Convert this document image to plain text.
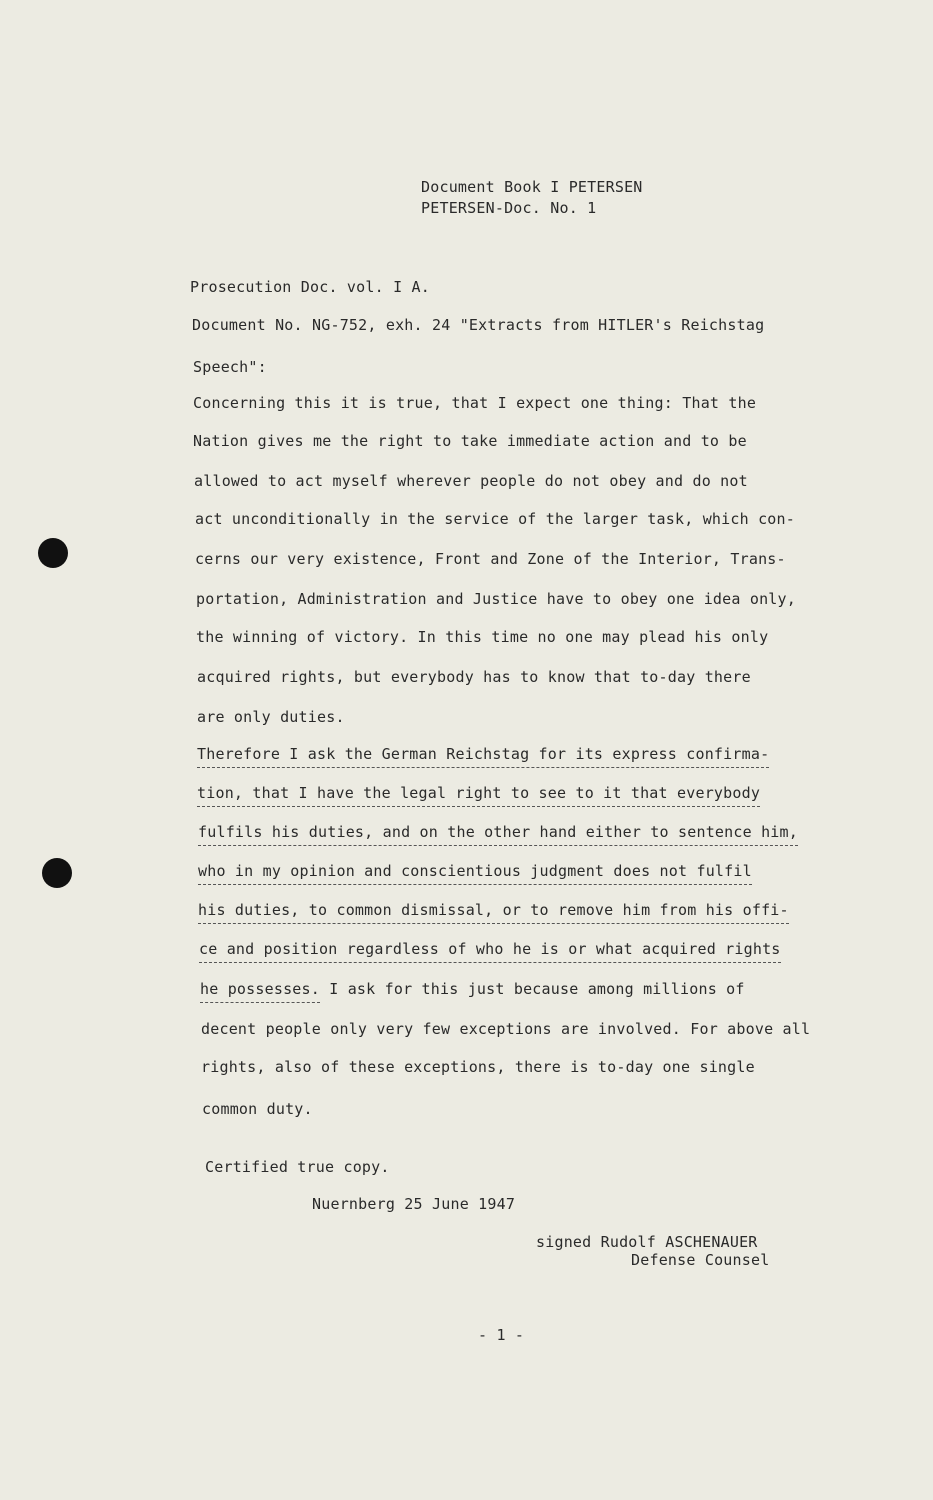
Document Book I PETERSEN
PETERSEN-Doc. No. 1
Prosecution Doc. vol. I A.
Document No. NG-752, exh. 24 "Extracts from HITLER's Reichstag
Speech":
Concerning this it is true, that I expect one thing: That the
Nation gives me the right to take immediate action and to be
allowed to act myself wherever people do not obey and do not
act unconditionally in the service of the larger task, which con-
cerns our very existence, Front and Zone of the Interior, Trans-
portation, Administration and Justice have to obey one idea only,
the winning of victory. In this time no one may plead his only
acquired rights, but everybody has to know that to-day there
are only duties.
Therefore I ask the German Reichstag for its express confirma-
tion, that I have the legal right to see to it that everybody
fulfils his duties, and on the other hand either to sentence him,
who in my opinion and conscientious judgment does not fulfil
his duties, to common dismissal, or to remove him from his offi-
ce and position regardless of who he is or what acquired rights
he possesses. I ask for this just because among millions of
decent people only very few exceptions are involved. For above all
rights, also of these exceptions, there is to-day one single
common duty.
Certified true copy.
Nuernberg 25 June 1947
signed Rudolf ASCHENAUER
Defense Counsel
- 1 -
